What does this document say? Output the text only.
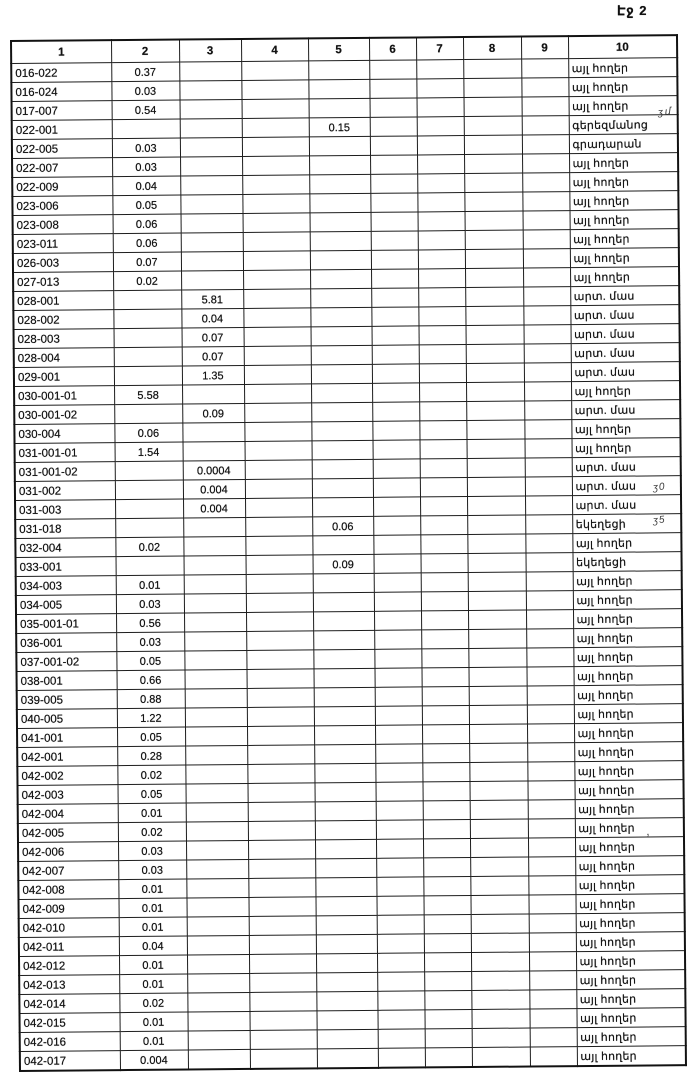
Էջ 2
1	2	3	4	5	6	7	8	9	10
016-022	0.37								այլ հողեր
016-024	0.03								այլ հողեր
017-007	0.54								այլ հողեր
022-001				0.15					գերեզմանոց
022-005	0.03								գրադարան
022-007	0.03								այլ հողեր
022-009	0.04								այլ հողեր
023-006	0.05								այլ հողեր
023-008	0.06								այլ հողեր
023-011	0.06								այլ հողեր
026-003	0.07								այլ հողեր
027-013	0.02								այլ հողեր
028-001		5.81							արտ. մաս
028-002		0.04							արտ. մաս
028-003		0.07							արտ. մաս
028-004		0.07							արտ. մաս
029-001		1.35							արտ. մաս
030-001-01	5.58								այլ հողեր
030-001-02		0.09							արտ. մաս
030-004	0.06								այլ հողեր
031-001-01	1.54								այլ հողեր
031-001-02		0.0004							արտ. մաս
031-002		0.004							արտ. մաս
031-003		0.004							արտ. մաս
031-018				0.06					եկեղեցի
032-004	0.02								այլ հողեր
033-001				0.09					եկեղեցի
034-003	0.01								այլ հողեր
034-005	0.03								այլ հողեր
035-001-01	0.56								այլ հողեր
036-001	0.03								այլ հողեր
037-001-02	0.05								այլ հողեր
038-001	0.66								այլ հողեր
039-005	0.88								այլ հողեր
040-005	1.22								այլ հողեր
041-001	0.05								այլ հողեր
042-001	0.28								այլ հողեր
042-002	0.02								այլ հողեր
042-003	0.05								այլ հողեր
042-004	0.01								այլ հողեր
042-005	0.02								այլ հողեր
042-006	0.03								այլ հողեր
042-007	0.03								այլ հողեր
042-008	0.01								այլ հողեր
042-009	0.01								այլ հողեր
042-010	0.01								այլ հողեր
042-011	0.04								այլ հողեր
042-012	0.01								այլ հողեր
042-013	0.01								այլ հողեր
042-014	0.02								այլ հողեր
042-015	0.01								այլ հողեր
042-016	0.01								այլ հողեր
042-017	0.004								այլ հողեր
ʒմ
ʒ0
ʒ5
’
